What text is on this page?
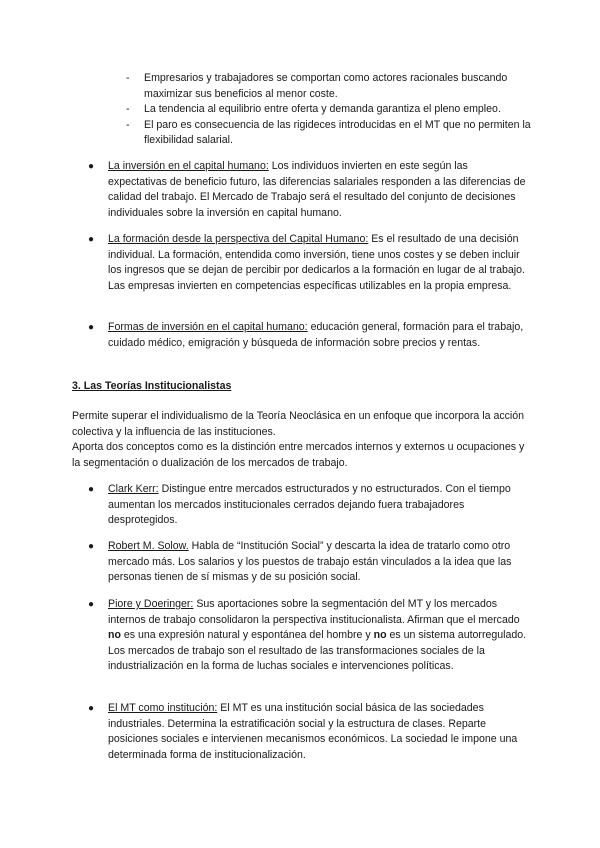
- Empresarios y trabajadores se comportan como actores racionales buscando maximizar sus beneficios al menor coste.
- La tendencia al equilibrio entre oferta y demanda garantiza el pleno empleo.
- El paro es consecuencia de las rigideces introducidas en el MT que no permiten la flexibilidad salarial.
●	La inversión en el capital humano: Los individuos invierten en este según las expectativas de beneficio futuro, las diferencias salariales responden a las diferencias de calidad del trabajo. El Mercado de Trabajo será el resultado del conjunto de decisiones individuales sobre la inversión en capital humano.
●	La formación desde la perspectiva del Capital Humano: Es el resultado de una decisión individual. La formación, entendida como inversión, tiene unos costes y se deben incluir los ingresos que se dejan de percibir por dedicarlos a la formación en lugar de al trabajo. Las empresas invierten en competencias específicas utilizables en la propia empresa.
●	Formas de inversión en el capital humano: educación general, formación para el trabajo, cuidado médico, emigración y búsqueda de información sobre precios y rentas.
3. Las Teorías Institucionalistas
Permite superar el individualismo de la Teoría Neoclásica en un enfoque que incorpora la acción colectiva y la influencia de las instituciones.
Aporta dos conceptos como es la distinción entre mercados internos y externos u ocupaciones y la segmentación o dualización de los mercados de trabajo.
●	Clark Kerr: Distingue entre mercados estructurados y no estructurados. Con el tiempo aumentan los mercados institucionales cerrados dejando fuera trabajadores desprotegidos.
●	Robert M. Solow. Habla de “Institución Social” y descarta la idea de tratarlo como otro mercado más. Los salarios y los puestos de trabajo están vinculados a la idea que las personas tienen de sí mismas y de su posición social.
●	Piore y Doeringer: Sus aportaciones sobre la segmentación del MT y los mercados internos de trabajo consolidaron la perspectiva institucionalista. Afirman que el mercado no es una expresión natural y espontánea del hombre y no es un sistema autorregulado.
Los mercados de trabajo son el resultado de las transformaciones sociales de la industrialización en la forma de luchas sociales e intervenciones políticas.
●	El MT como institución: El MT es una institución social básica de las sociedades industriales. Determina la estratificación social y la estructura de clases. Reparte posiciones sociales e intervienen mecanismos económicos. La sociedad le impone una determinada forma de institucionalización.
